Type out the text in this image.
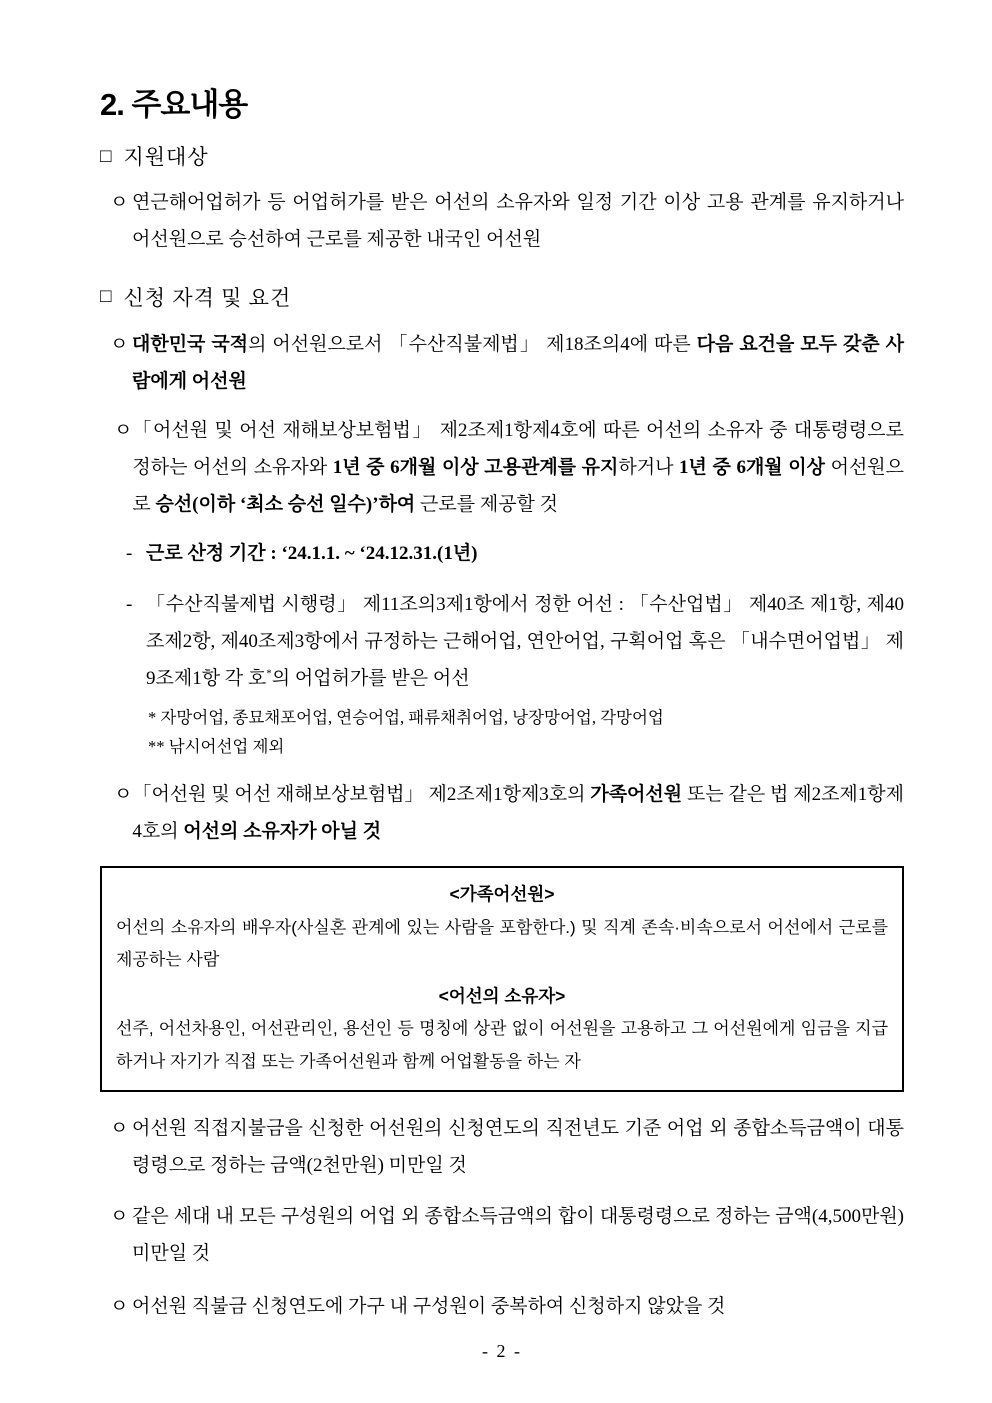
2. 주요내용
□ 지원대상
ㅇ 연근해어업허가 등 어업허가를 받은 어선의 소유자와 일정 기간 이상 고용 관계를 유지하거나 어선원으로 승선하여 근로를 제공한 내국인 어선원
□ 신청 자격 및 요건
ㅇ 대한민국 국적의 어선원으로서 「수산직불제법」 제18조의4에 따른 다음 요건을 모두 갖춘 사람에게 어선원
ㅇ 「어선원 및 어선 재해보상보험법」 제2조제1항제4호에 따른 어선의 소유자 중 대통령령으로 정하는 어선의 소유자와 1년 중 6개월 이상 고용관계를 유지하거나 1년 중 6개월 이상 어선원으로 승선(이하 ‘최소 승선 일수)’하여 근로를 제공할 것
- 근로 산정 기간 : ‘24.1.1. ~ ‘24.12.31.(1년)
- 「수산직불제법 시행령」 제11조의3제1항에서 정한 어선 : 「수산업법」 제40조 제1항, 제40조제2항, 제40조제3항에서 규정하는 근해어업, 연안어업, 구획어업 혹은 「내수면어업법」 제9조제1항 각 호*의 어업허가를 받은 어선
* 자망어업, 종묘채포어업, 연승어업, 패류채취어업, 낭장망어업, 각망어업
** 낚시어선업 제외
ㅇ 「어선원 및 어선 재해보상보험법」 제2조제1항제3호의 가족어선원 또는 같은 법 제2조제1항제4호의 어선의 소유자가 아닐 것
<가족어선원>
어선의 소유자의 배우자(사실혼 관계에 있는 사람을 포함한다.) 및 직계 존속·비속으로서 어선에서 근로를 제공하는 사람
<어선의 소유자>
선주, 어선차용인, 어선관리인, 용선인 등 명칭에 상관 없이 어선원을 고용하고 그 어선원에게 임금을 지급하거나 자기가 직접 또는 가족어선원과 함께 어업활동을 하는 자
ㅇ 어선원 직접지불금을 신청한 어선원의 신청연도의 직전년도 기준 어업 외 종합소득금액이 대통령령으로 정하는 금액(2천만원) 미만일 것
ㅇ 같은 세대 내 모든 구성원의 어업 외 종합소득금액의 합이 대통령령으로 정하는 금액(4,500만원) 미만일 것
ㅇ 어선원 직불금 신청연도에 가구 내 구성원이 중복하여 신청하지 않았을 것
- 2 -
